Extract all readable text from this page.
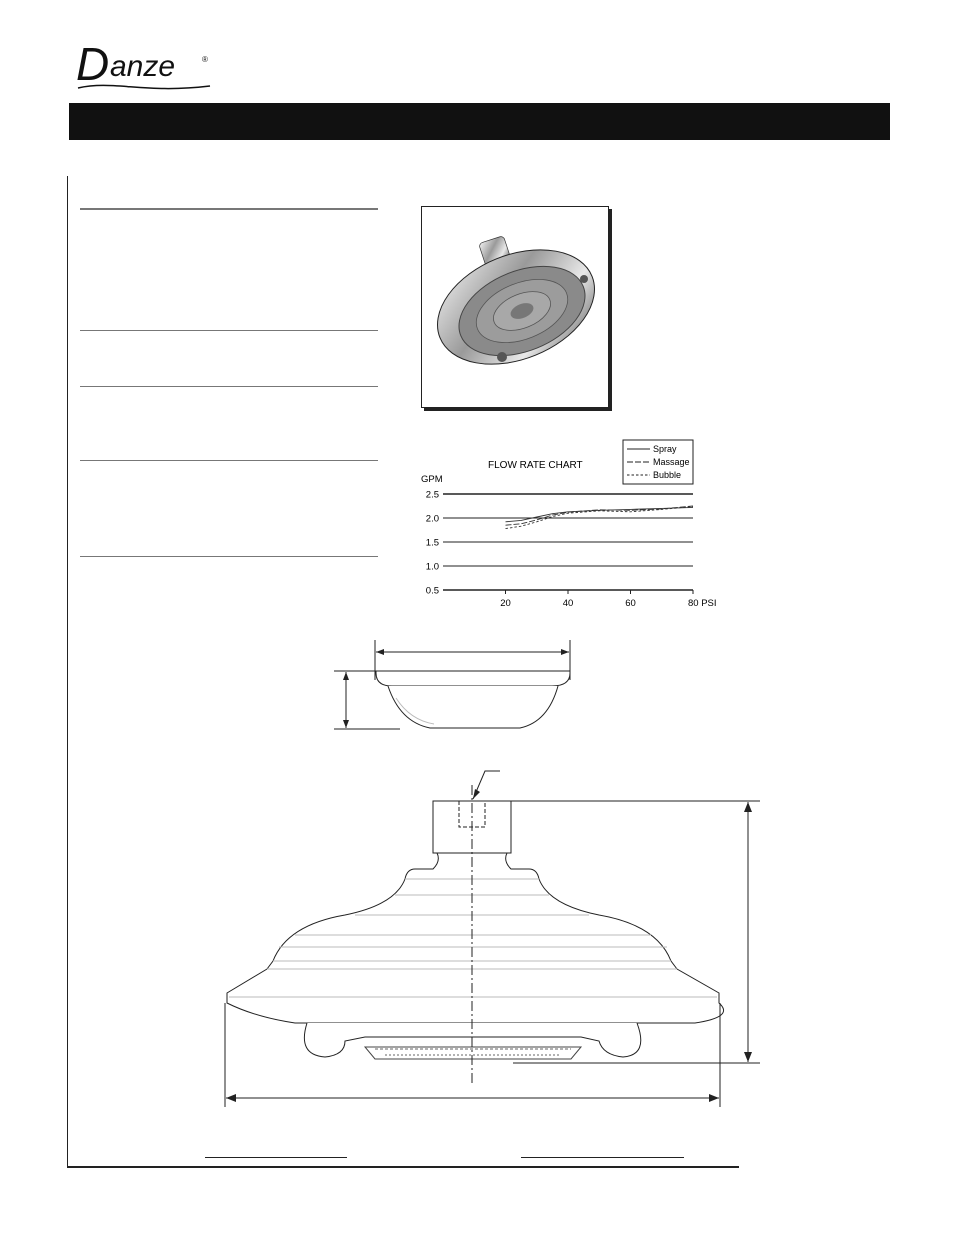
D anze	®
2.5
2.0
1.5
1.0
0.5
20	40	60	80 PSI
FLOW RATE CHART
GPM
Spray
Massage
Bubble
